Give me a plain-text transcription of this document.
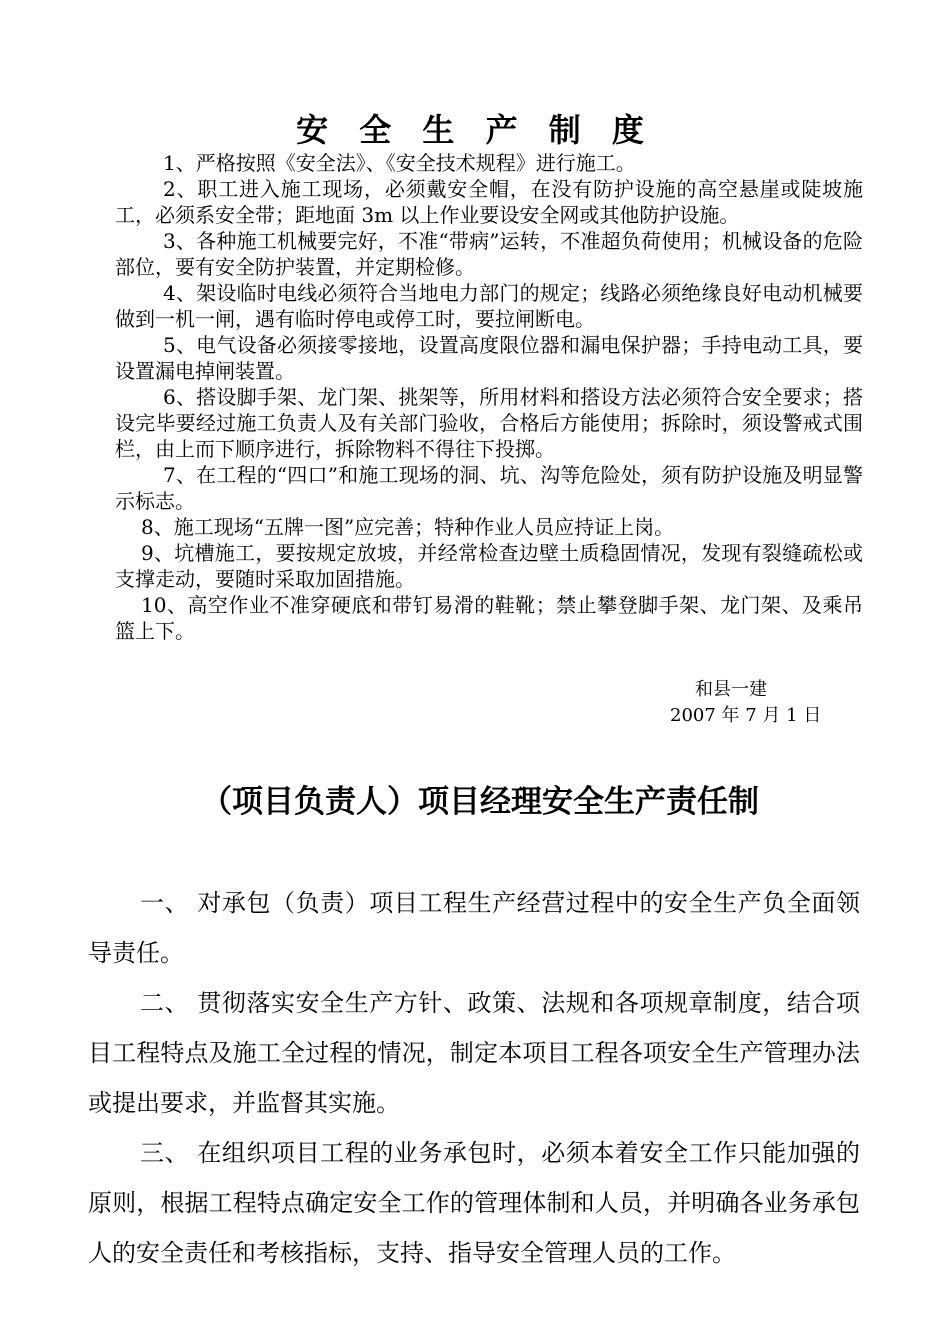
安 全 生 产 制 度

1、严格按照《安全法》、《安全技术规程》进行施工。

2、职工进入施工现场，必须戴安全帽，在没有防护设施的高空悬崖或陡坡施工，必须系安全带；距地面 3m 以上作业要设安全网或其他防护设施。

3、各种施工机械要完好，不准“带病”运转，不准超负荷使用；机械设备的危险部位，要有安全防护装置，并定期检修。

4、架设临时电线必须符合当地电力部门的规定；线路必须绝缘良好电动机械要做到一机一闸，遇有临时停电或停工时，要拉闸断电。

5、电气设备必须接零接地，设置高度限位器和漏电保护器；手持电动工具，要设置漏电掉闸装置。

6、搭设脚手架、龙门架、挑架等，所用材料和搭设方法必须符合安全要求；搭设完毕要经过施工负责人及有关部门验收，合格后方能使用；拆除时，须设警戒式围栏，由上而下顺序进行，拆除物料不得往下投掷。

7、在工程的“四口”和施工现场的洞、坑、沟等危险处，须有防护设施及明显警示标志。

8、施工现场“五牌一图”应完善；特种作业人员应持证上岗。

9、坑槽施工，要按规定放坡，并经常检查边壁土质稳固情况，发现有裂缝疏松或支撑走动，要随时采取加固措施。

10、高空作业不准穿硬底和带钉易滑的鞋靴；禁止攀登脚手架、龙门架、及乘吊篮上下。

和县一建
2007 年 7 月 1 日
（项目负责人）项目经理安全生产责任制

一、 对承包（负责）项目工程生产经营过程中的安全生产负全面领导责任。

二、 贯彻落实安全生产方针、政策、法规和各项规章制度，结合项目工程特点及施工全过程的情况，制定本项目工程各项安全生产管理办法或提出要求，并监督其实施。

三、 在组织项目工程的业务承包时，必须本着安全工作只能加强的原则，根据工程特点确定安全工作的管理体制和人员，并明确各业务承包人的安全责任和考核指标，支持、指导安全管理人员的工作。
